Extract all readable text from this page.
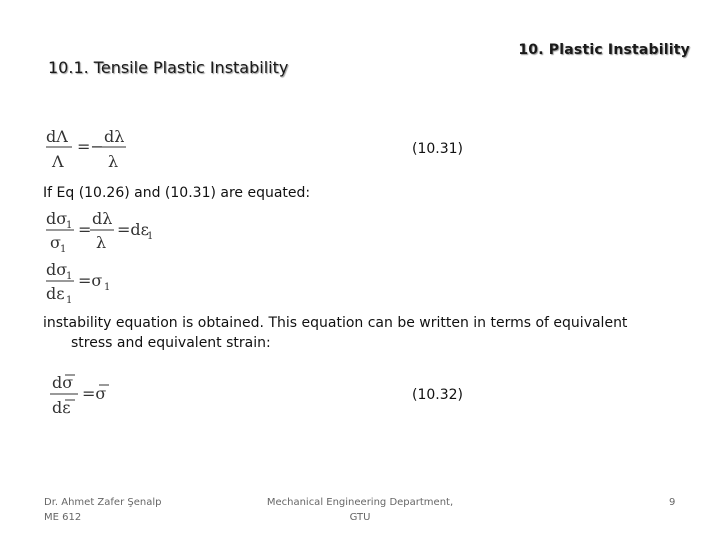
10. Plastic Instability
10.1. Tensile Plastic Instability
dΛ
Λ
=−
dλ
λ
(10.31)
If Eq (10.26) and (10.31) are equated:
dσ
1
σ 1
=
dλ
λ
=dε
1
dσ
1
dε 1
=σ 1
instability equation is obtained. This equation can be written in terms of equivalent
stress and equivalent strain:
dσ
dε
=σ	(10.32)
Dr. Ahmet Zafer Şenalp
ME 612
Mechanical Engineering Department,
GTU
9
